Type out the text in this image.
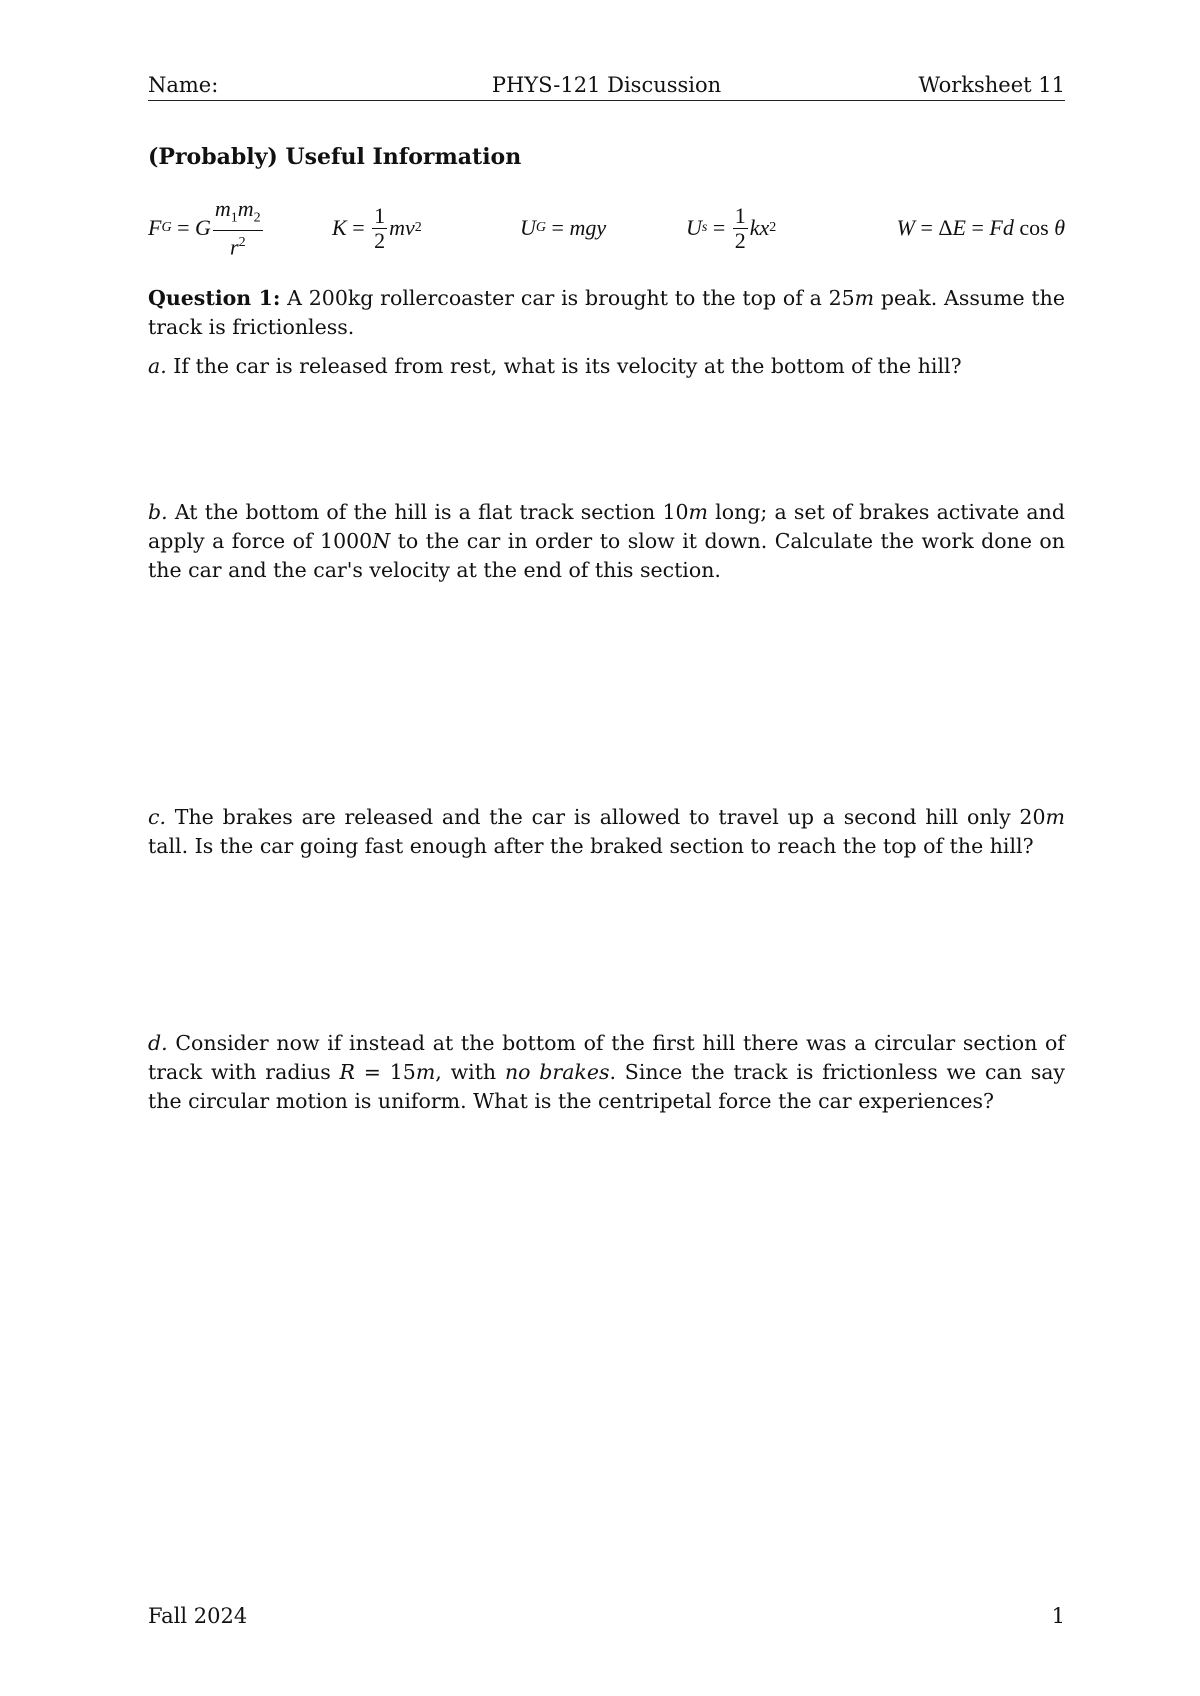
Name:	PHYS-121 Discussion	Worksheet 11
(Probably) Useful Information
F G = G $\frac{m_1m_2}{r^2}$	$K = \frac{1}{2}$ mv 2	U G = mgy	U $s = \frac{1}{2}$ kx 2	W = Δ E = Fd cos θ
Question 1: A 200kg rollercoaster car is brought to the top of a 25m peak. Assume the track is frictionless.
a. If the car is released from rest, what is its velocity at the bottom of the hill?
b. At the bottom of the hill is a flat track section 10m long; a set of brakes activate and apply a force of 1000N to the car in order to slow it down. Calculate the work done on the car and the car's velocity at the end of this section.
c. The brakes are released and the car is allowed to travel up a second hill only 20m tall. Is the car going fast enough after the braked section to reach the top of the hill?
d. Consider now if instead at the bottom of the first hill there was a circular section of track with radius R = 15m, with no brakes. Since the track is frictionless we can say the circular motion is uniform. What is the centripetal force the car experiences?
Fall 2024	1
